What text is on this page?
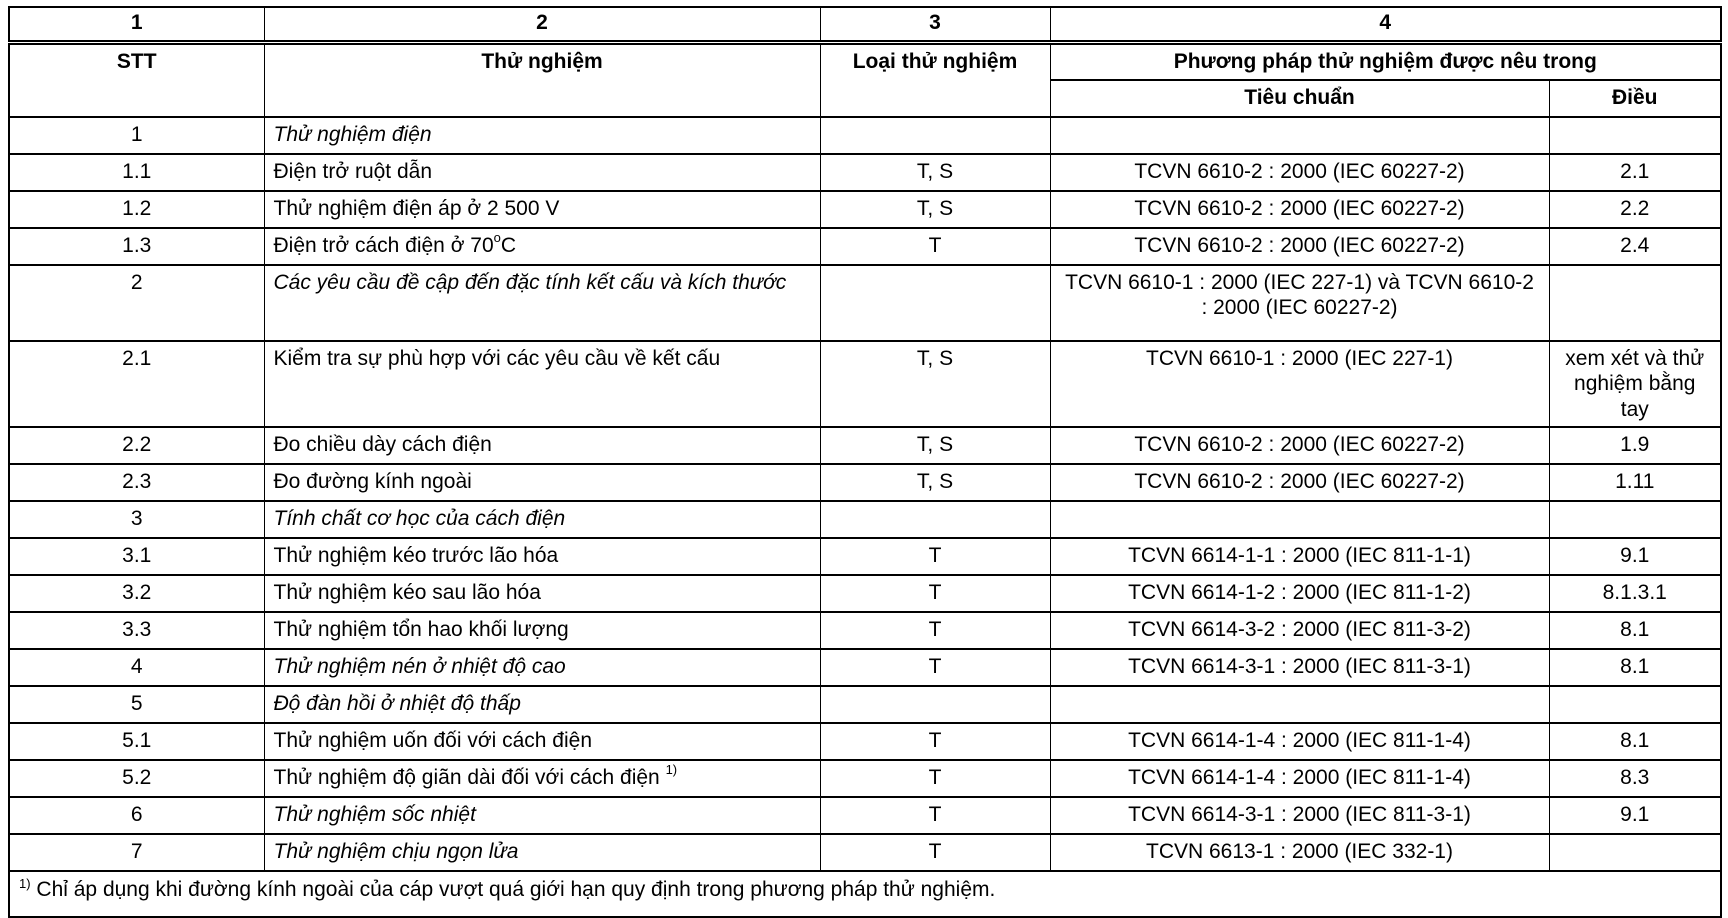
1	2	3	4	
STT	Thử nghiệm	Loại thử nghiệm	Phương pháp thử nghiệm được nêu trong	
			Tiêu chuẩn	Điều
1	Thử nghiệm điện			
1.1	Điện trở ruột dẫn	T, S	TCVN 6610-2 : 2000 (IEC 60227-2)	2.1
1.2	Thử nghiệm điện áp ở 2 500 V	T, S	TCVN 6610-2 : 2000 (IEC 60227-2)	2.2
1.3	Điện trở cách điện ở 70$^o$C	T	TCVN 6610-2 : 2000 (IEC 60227-2)	2.4
2	Các yêu cầu đề cập đến đặc tính kết cấu và kích thước		TCVN 6610-1 : 2000 (IEC 227-1) và TCVN 6610-2 : 2000 (IEC 60227-2)	
2.1	Kiểm tra sự phù hợp với các yêu cầu về kết cấu	T, S	TCVN 6610-1 : 2000 (IEC 227-1)	xem xét và thử nghiệm bằng tay
2.2	Đo chiều dày cách điện	T, S	TCVN 6610-2 : 2000 (IEC 60227-2)	1.9
2.3	Đo đường kính ngoài	T, S	TCVN 6610-2 : 2000 (IEC 60227-2)	1.11
3	Tính chất cơ học của cách điện			
3.1	Thử nghiệm kéo trước lão hóa	T	TCVN 6614-1-1 : 2000 (IEC 811-1-1)	9.1
3.2	Thử nghiệm kéo sau lão hóa	T	TCVN 6614-1-2 : 2000 (IEC 811-1-2)	8.1.3.1
3.3	Thử nghiệm tổn hao khối lượng	T	TCVN 6614-3-2 : 2000 (IEC 811-3-2)	8.1
4	Thử nghiệm nén ở nhiệt độ cao	T	TCVN 6614-3-1 : 2000 (IEC 811-3-1)	8.1
5	Độ đàn hồi ở nhiệt độ thấp			
5.1	Thử nghiệm uốn đối với cách điện	T	TCVN 6614-1-4 : 2000 (IEC 811-1-4)	8.1
5.2	Thử nghiệm độ giãn dài đối với cách điện $^{1)}$	T	TCVN 6614-1-4 : 2000 (IEC 811-1-4)	8.3
6	Thử nghiệm sốc nhiệt	T	TCVN 6614-3-1 : 2000 (IEC 811-3-1)	9.1
7	Thử nghiệm chịu ngọn lửa	T	TCVN 6613-1 : 2000 (IEC 332-1)	
$^{1)}$ Chỉ áp dụng khi đường kính ngoài của cáp vượt quá giới hạn quy định trong phương pháp thử nghiệm.				
